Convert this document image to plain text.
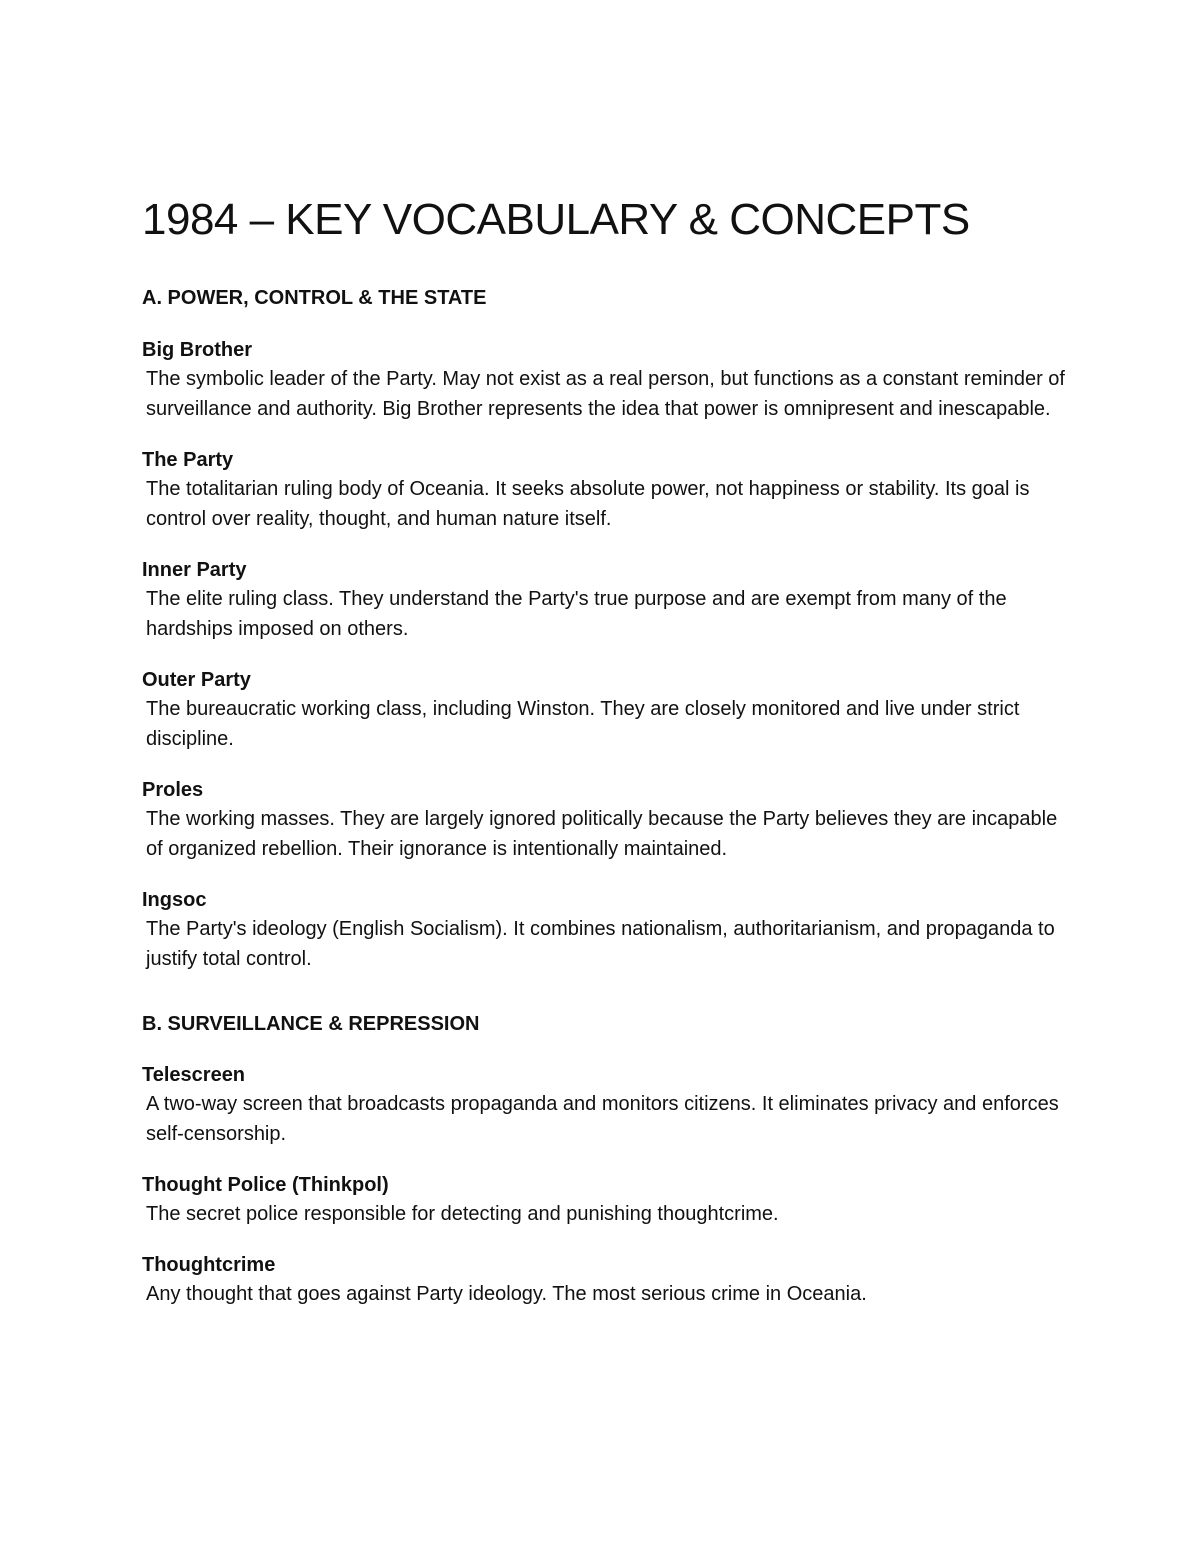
1984 – KEY VOCABULARY & CONCEPTS
A. POWER, CONTROL & THE STATE

Big Brother

The symbolic leader of the Party. May not exist as a real person, but functions as a constant reminder of surveillance and authority. Big Brother represents the idea that power is omnipresent and inescapable.

The Party

The totalitarian ruling body of Oceania. It seeks absolute power, not happiness or stability. Its goal is control over reality, thought, and human nature itself.

Inner Party

The elite ruling class. They understand the Party's true purpose and are exempt from many of the hardships imposed on others.

Outer Party

The bureaucratic working class, including Winston. They are closely monitored and live under strict discipline.

Proles

The working masses. They are largely ignored politically because the Party believes they are incapable of organized rebellion. Their ignorance is intentionally maintained.

Ingsoc

The Party's ideology (English Socialism). It combines nationalism, authoritarianism, and propaganda to justify total control.

B. SURVEILLANCE & REPRESSION

Telescreen

A two-way screen that broadcasts propaganda and monitors citizens. It eliminates privacy and enforces self-censorship.

Thought Police (Thinkpol)

The secret police responsible for detecting and punishing thoughtcrime.

Thoughtcrime

Any thought that goes against Party ideology. The most serious crime in Oceania.
